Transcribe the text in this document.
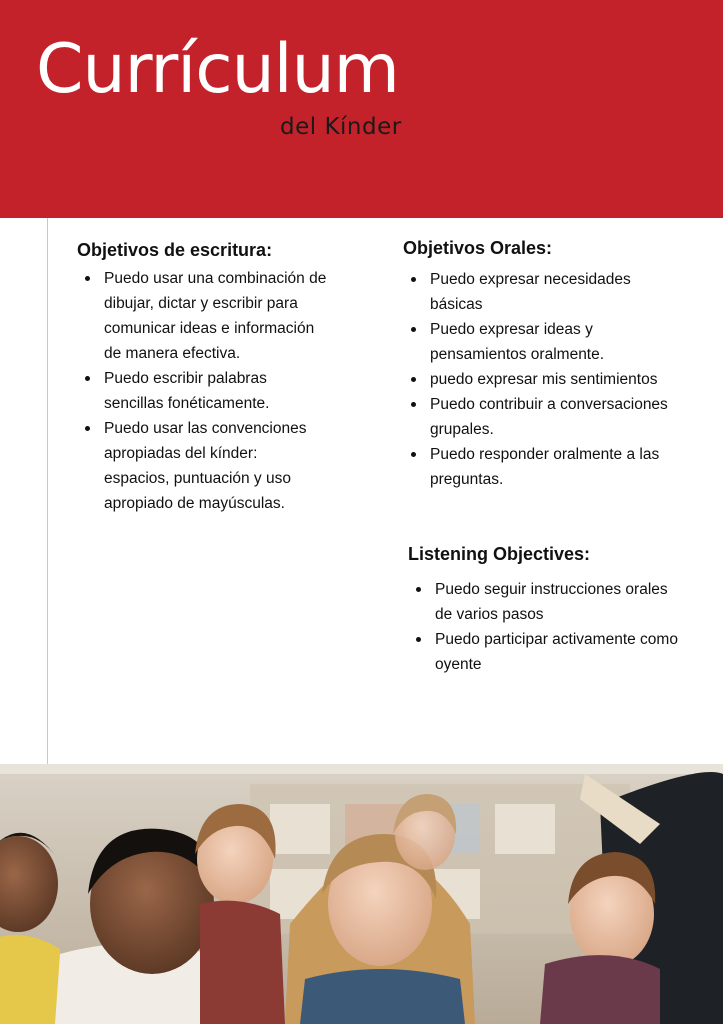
Currículum
del Kínder
Objetivos de escritura:
Puedo usar una combinación de dibujar, dictar y escribir para comunicar ideas e información de manera efectiva.
Puedo escribir palabras sencillas fonéticamente.
Puedo usar las convenciones apropiadas del kínder: espacios, puntuación y uso apropiado de mayúsculas.
Objetivos Orales:
Puedo expresar necesidades básicas
Puedo expresar ideas y pensamientos oralmente.
puedo expresar mis sentimientos
Puedo contribuir a conversaciones grupales.
Puedo responder oralmente a las preguntas.
Listening Objectives:
Puedo seguir instrucciones orales de varios pasos
Puedo participar activamente como oyente
